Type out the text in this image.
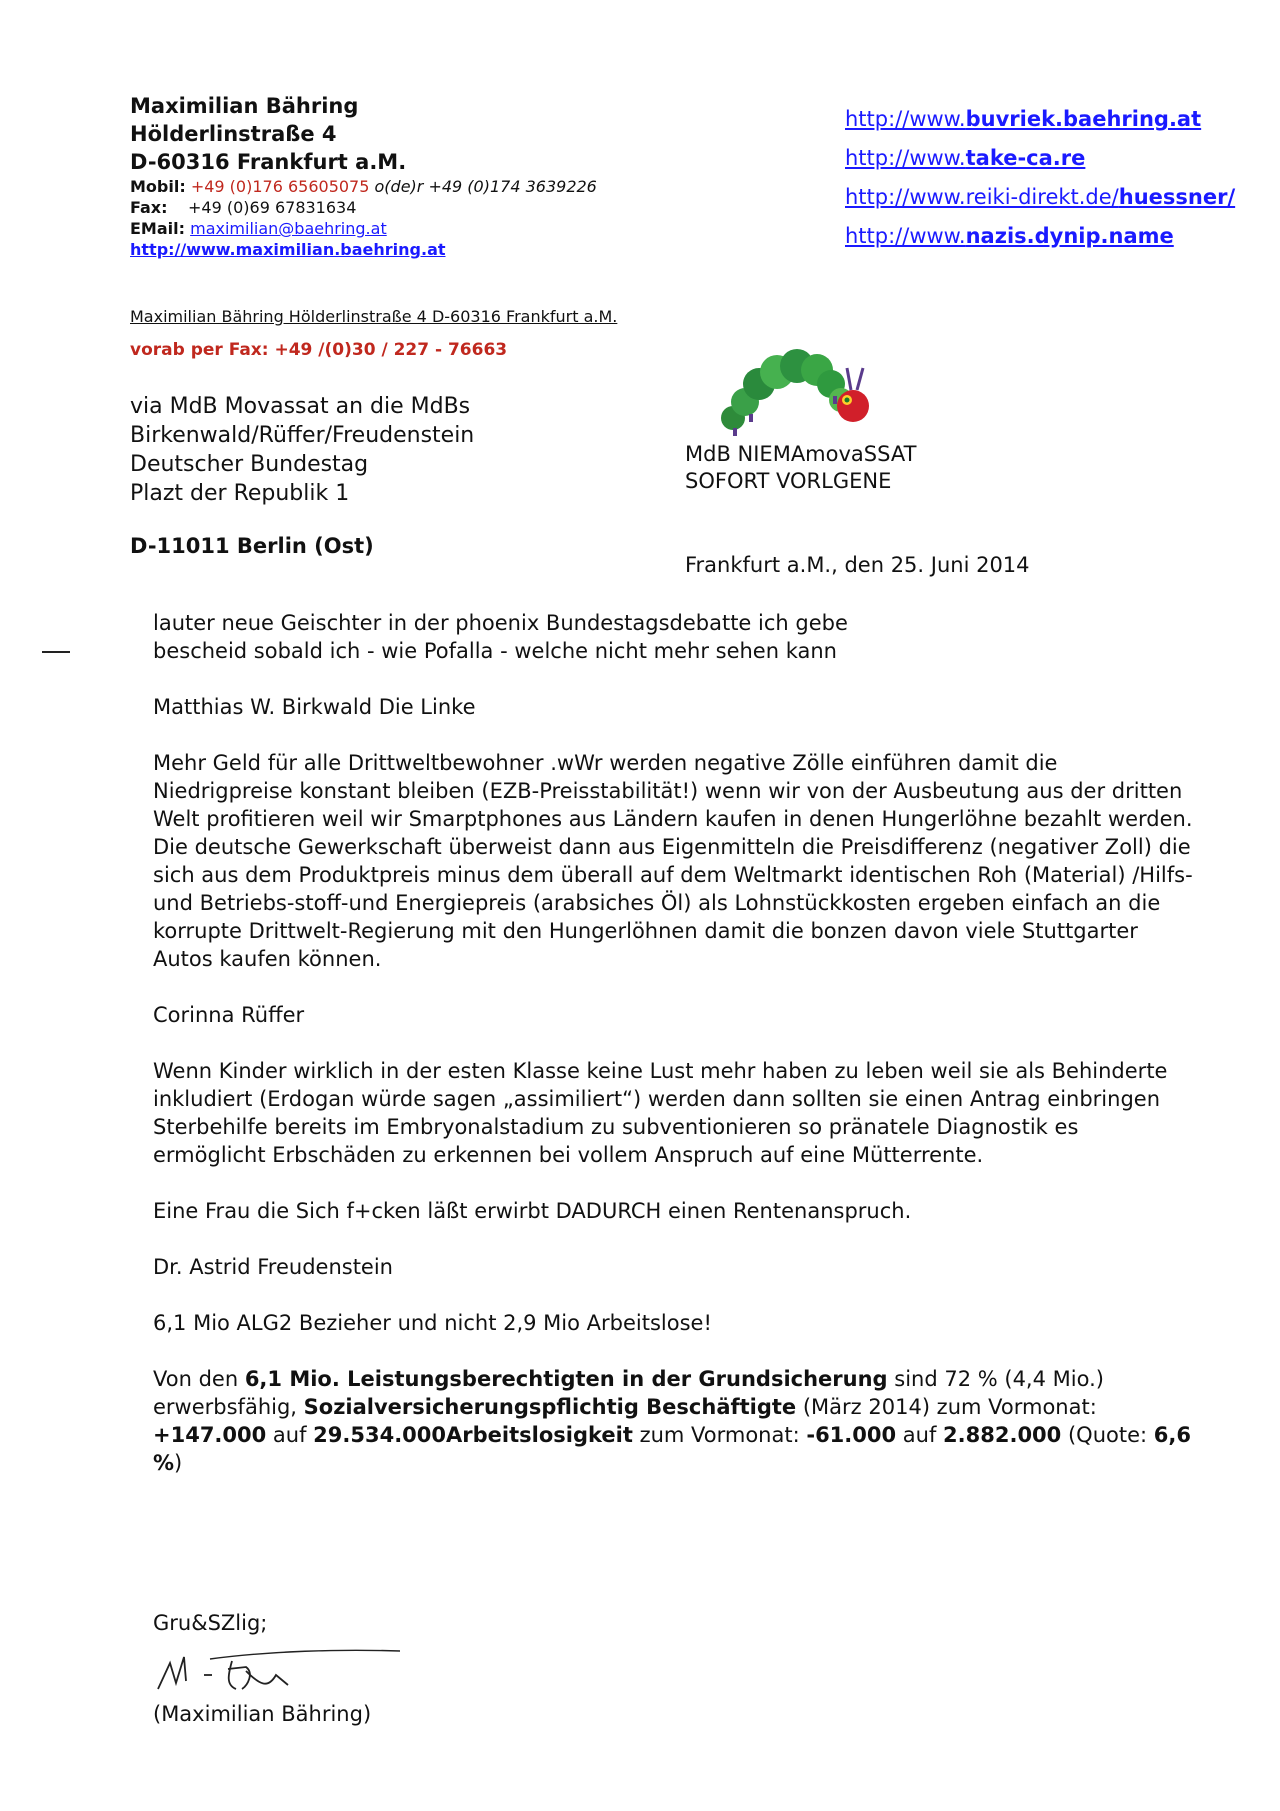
Maximilian Bähring
Hölderlinstraße 4
D-60316 Frankfurt a.M.
Mobil: +49 (0)176 65605075 o(de)r +49 (0)174 3639226
Fax: +49 (0)69 67831634
EMail: maximilian@baehring.at
http://www.maximilian.baehring.at
http://www.buvriek.baehring.at
http://www.take-ca.re
http://www.reiki-direkt.de/huessner/
http://www.nazis.dynip.name
Maximilian Bähring Hölderlinstraße 4 D-60316 Frankfurt a.M.
vorab per Fax: +49 /(0)30 / 227 - 76663
via MdB Movassat an die MdBs
Birkenwald/Rüffer/Freudenstein
Deutscher Bundestag
Plazt der Republik 1
D-11011 Berlin (Ost)
MdB NIEMAmovaSSAT
SOFORT VORLGENE
Frankfurt a.M., den 25. Juni 2014

lauter neue Geischter in der phoenix Bundestagsdebatte ich gebe

bescheid sobald ich - wie Pofalla - welche nicht mehr sehen kann

Matthias W. Birkwald Die Linke

Mehr Geld für alle Drittweltbewohner .wWr werden negative Zölle einführen damit die Niedrigpreise konstant bleiben (EZB-Preisstabilität!) wenn wir von der Ausbeutung aus der dritten Welt profitieren weil wir Smarptphones aus Ländern kaufen in denen Hungerlöhne bezahlt werden. Die deutsche Gewerkschaft überweist dann aus Eigenmitteln die Preisdifferenz (negativer Zoll) die sich aus dem Produktpreis minus dem überall auf dem Weltmarkt identischen Roh (Material) /Hilfs-und Betriebs-stoff-und Energiepreis (arabsiches Öl) als Lohnstückkosten ergeben einfach an die korrupte Drittwelt-Regierung mit den Hungerlöhnen damit die bonzen davon viele Stuttgarter Autos kaufen können.

Corinna Rüffer

Wenn Kinder wirklich in der esten Klasse keine Lust mehr haben zu leben weil sie als Behinderte inkludiert (Erdogan würde sagen „assimiliert“) werden dann sollten sie einen Antrag einbringen Sterbehilfe bereits im Embryonalstadium zu subventionieren so pränatele Diagnostik es ermöglicht Erbschäden zu erkennen bei vollem Anspruch auf eine Mütterrente.

Eine Frau die Sich f+cken läßt erwirbt DADURCH einen Rentenanspruch.

Dr. Astrid Freudenstein

6,1 Mio ALG2 Bezieher und nicht 2,9 Mio Arbeitslose!

Von den 6,1 Mio. Leistungsberechtigten in der Grundsicherung sind 72 % (4,4 Mio.) erwerbsfähig, Sozialversicherungspflichtig Beschäftigte (März 2014) zum Vormonat: +147.000 auf 29.534.000Arbeitslosigkeit zum Vormonat: -61.000 auf 2.882.000 (Quote: 6,6 %)

Gru&SZlig;
(Maximilian Bähring)
